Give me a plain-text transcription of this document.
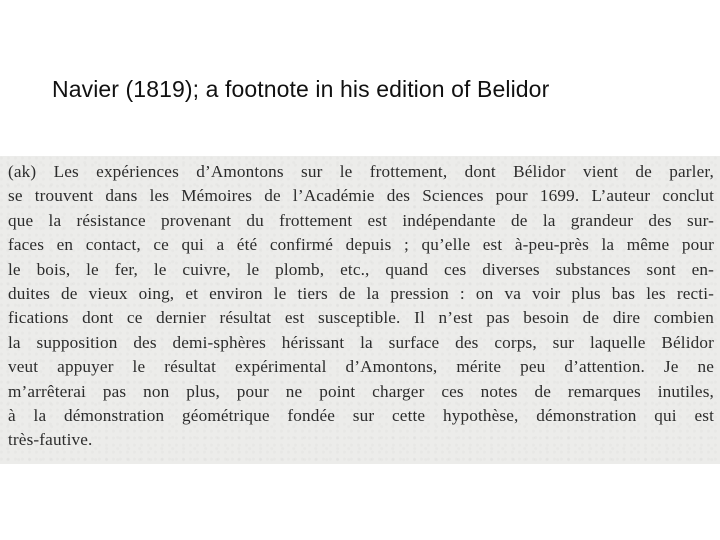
Navier (1819); a footnote in his edition of Belidor
(ak) Les expériences d’Amontons sur le frottement, dont Bélidor vient de parler,
se trouvent dans les Mémoires de l’Académie des Sciences pour 1699. L’auteur conclut
que la résistance provenant du frottement est indépendante de la grandeur des sur-
faces en contact, ce qui a été confirmé depuis ; qu’elle est à-peu-près la même pour
le bois, le fer, le cuivre, le plomb, etc., quand ces diverses substances sont en-
duites de vieux oing, et environ le tiers de la pression : on va voir plus bas les recti-
fications dont ce dernier résultat est susceptible. Il n’est pas besoin de dire combien
la supposition des demi-sphères hérissant la surface des corps, sur laquelle Bélidor
veut appuyer le résultat expérimental d’Amontons, mérite peu d’attention. Je ne
m’arrêterai pas non plus, pour ne point charger ces notes de remarques inutiles,
à la démonstration géométrique fondée sur cette hypothèse, démonstration qui est
très-fautive.
